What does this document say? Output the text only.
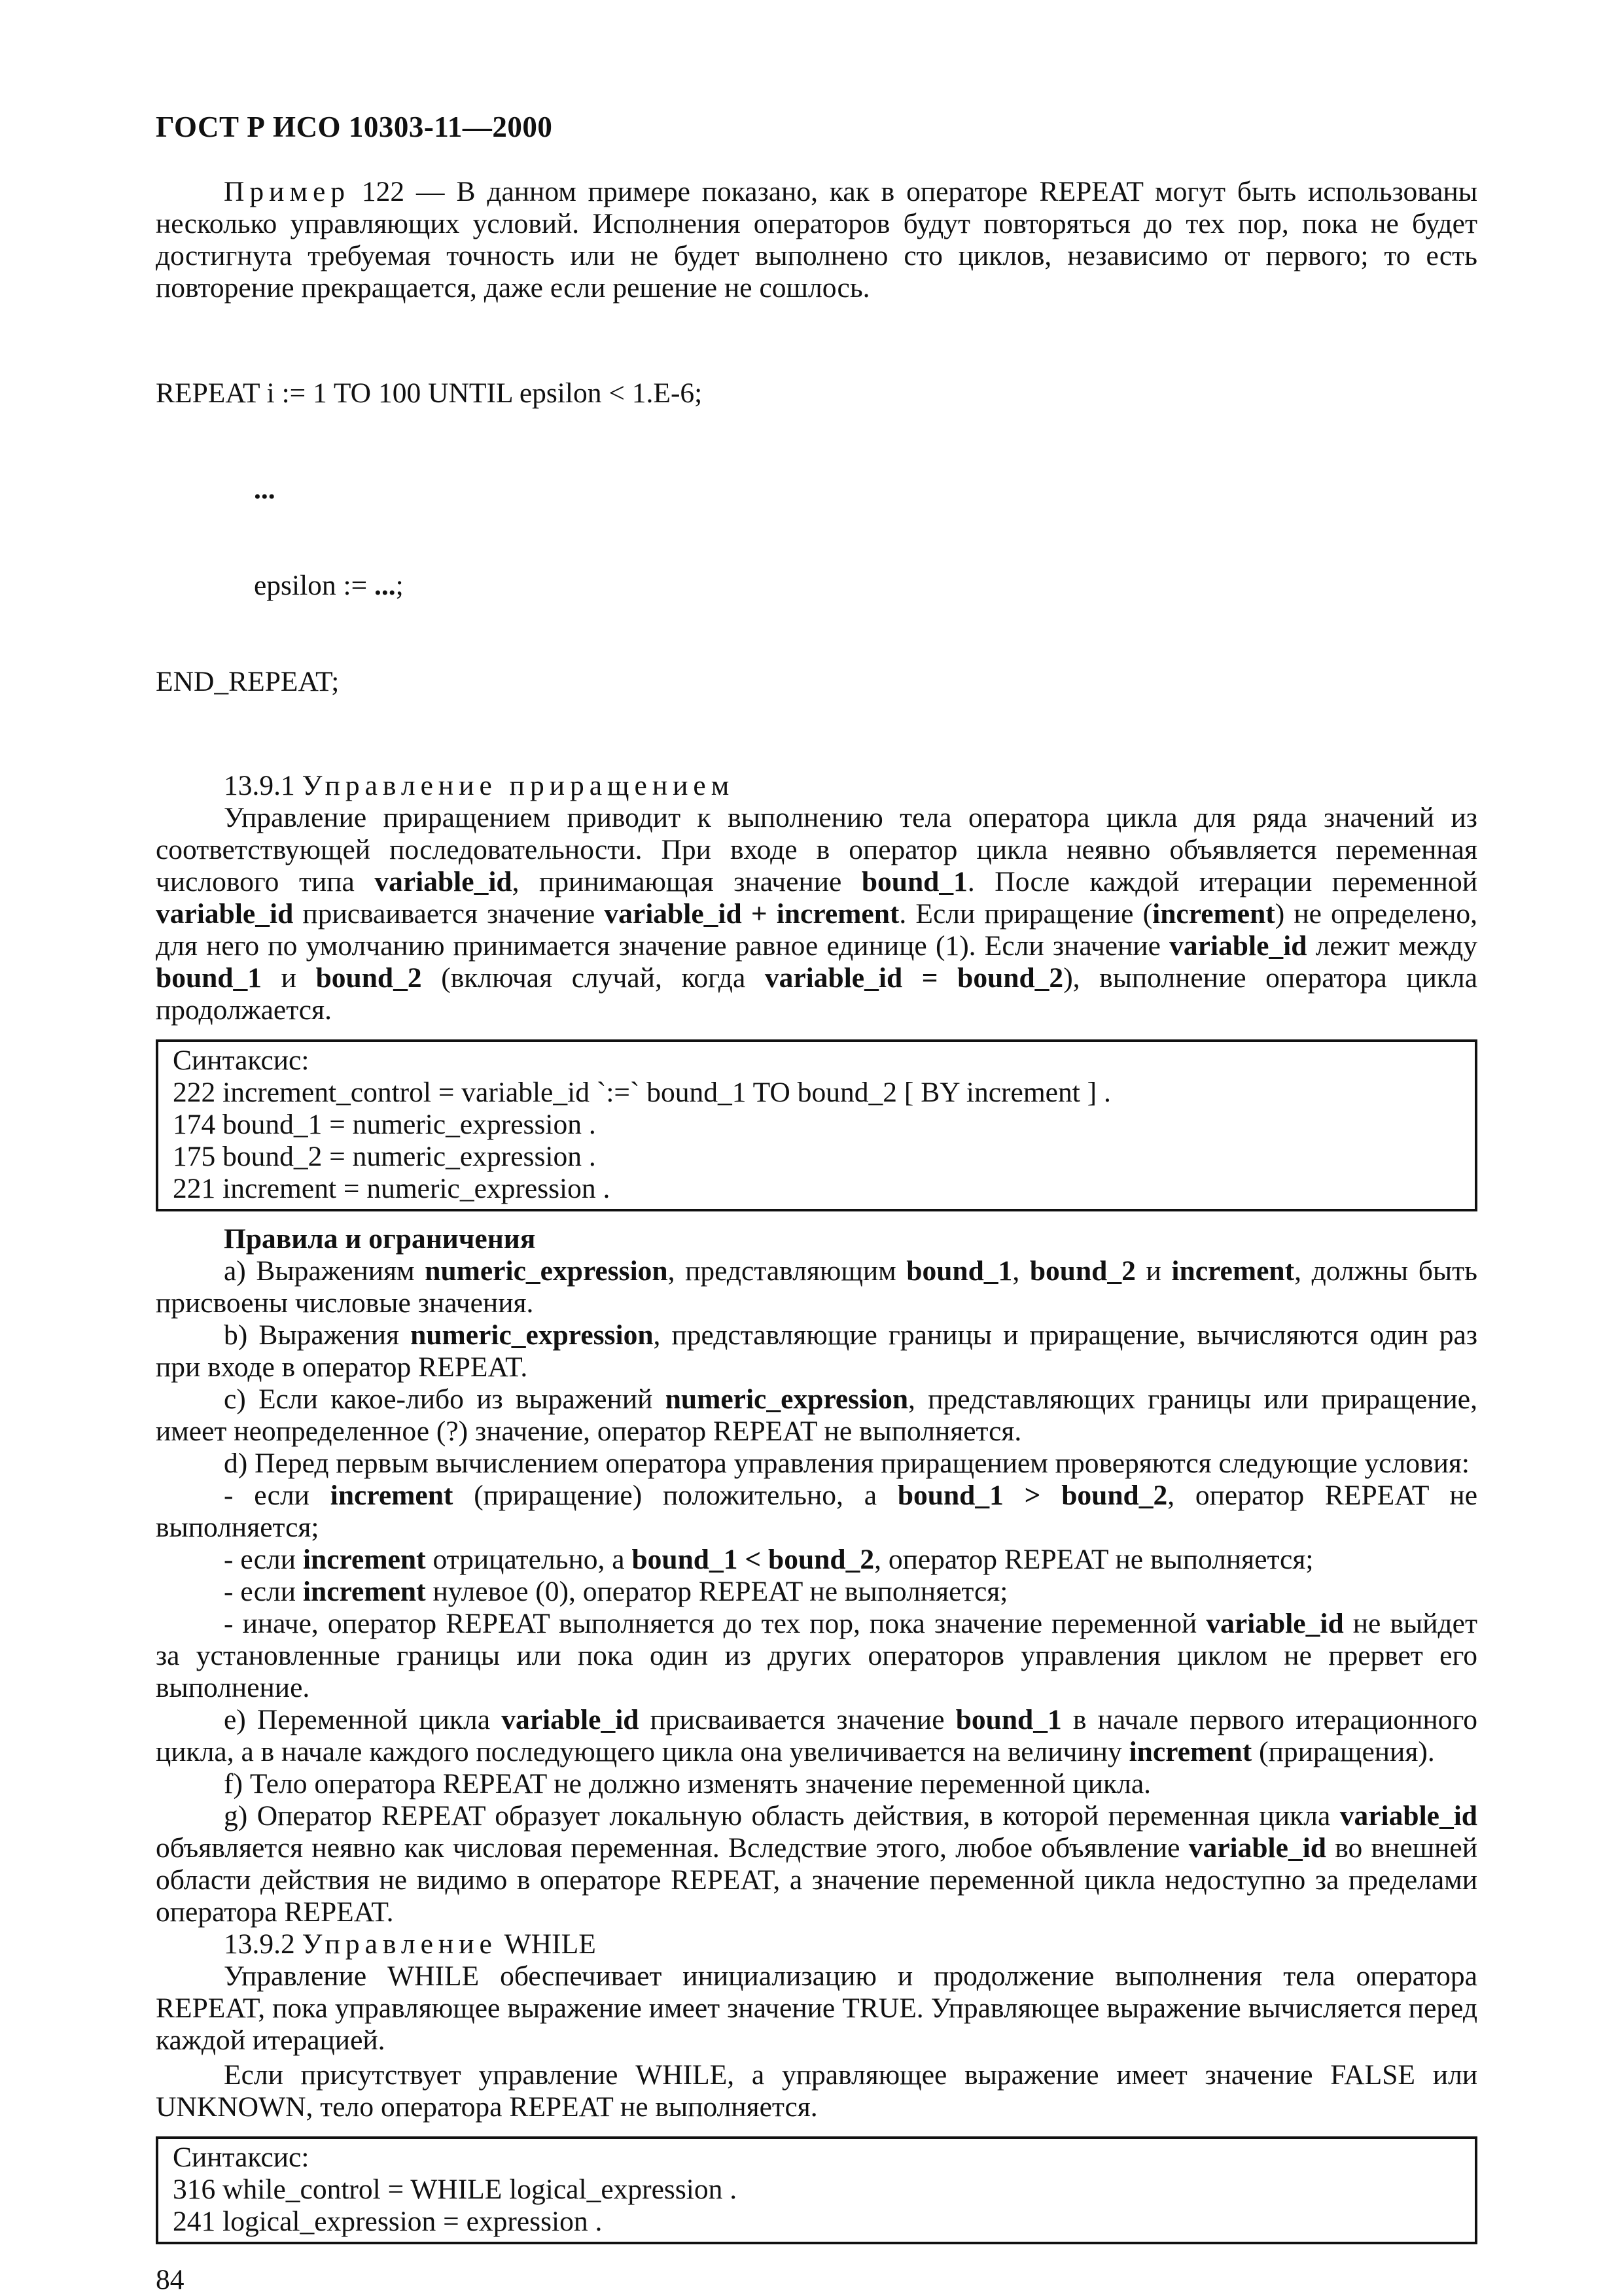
ГОСТ Р ИСО 10303-11—2000

Пример 122 — В данном примере показано, как в операторе REPEAT могут быть использованы несколько управляющих условий. Исполнения операторов будут повторяться до тех пор, пока не будет достигнута требуемая точность или не будет выполнено сто циклов, независимо от первого; то есть повторение прекращается, даже если решение не сошлось.

REPEAT i := 1 TO 100 UNTIL epsilon < 1.E-6;

...

epsilon := ...;

END_REPEAT;

13.9.1 Управление приращением

Управление приращением приводит к выполнению тела оператора цикла для ряда значений из соответствующей последовательности. При входе в оператор цикла неявно объявляется переменная числового типа variable_id, принимающая значение bound_1. После каждой итерации переменной variable_id присваивается значение variable_id + increment. Если приращение (increment) не определено, для него по умолчанию принимается значение равное единице (1). Если значение variable_id лежит между bound_1 и bound_2 (включая случай, когда variable_id = bound_2), выполнение оператора цикла продолжается.

Синтаксис:
222 increment_control = variable_id `:=` bound_1 TO bound_2 [ BY increment ] .
174 bound_1 = numeric_expression .
175 bound_2 = numeric_expression .
221 increment = numeric_expression .

Правила и ограничения

a) Выражениям numeric_expression, представляющим bound_1, bound_2 и increment, должны быть присвоены числовые значения.

b) Выражения numeric_expression, представляющие границы и приращение, вычисляются один раз при входе в оператор REPEAT.

c) Если какое-либо из выражений numeric_expression, представляющих границы или приращение, имеет неопределенное (?) значение, оператор REPEAT не выполняется.

d) Перед первым вычислением оператора управления приращением проверяются следующие условия:

- если increment (приращение) положительно, а bound_1 > bound_2, оператор REPEAT не выполняется;

- если increment отрицательно, а bound_1 < bound_2, оператор REPEAT не выполняется;

- если increment нулевое (0), оператор REPEAT не выполняется;

- иначе, оператор REPEAT выполняется до тех пор, пока значение переменной variable_id не выйдет за установленные границы или пока один из других операторов управления циклом не прервет его выполнение.

e) Переменной цикла variable_id присваивается значение bound_1 в начале первого итерационного цикла, а в начале каждого последующего цикла она увеличивается на величину increment (приращения).

f) Тело оператора REPEAT не должно изменять значение переменной цикла.

g) Оператор REPEAT образует локальную область действия, в которой переменная цикла variable_id объявляется неявно как числовая переменная. Вследствие этого, любое объявление variable_id во внешней области действия не видимо в операторе REPEAT, а значение переменной цикла недоступно за пределами оператора REPEAT.

13.9.2 Управление WHILE

Управление WHILE обеспечивает инициализацию и продолжение выполнения тела оператора REPEAT, пока управляющее выражение имеет значение TRUE. Управляющее выражение вычисляется перед каждой итерацией.

Если присутствует управление WHILE, а управляющее выражение имеет значение FALSE или UNKNOWN, тело оператора REPEAT не выполняется.

Синтаксис:
316 while_control = WHILE logical_expression .
241 logical_expression = expression .
84
